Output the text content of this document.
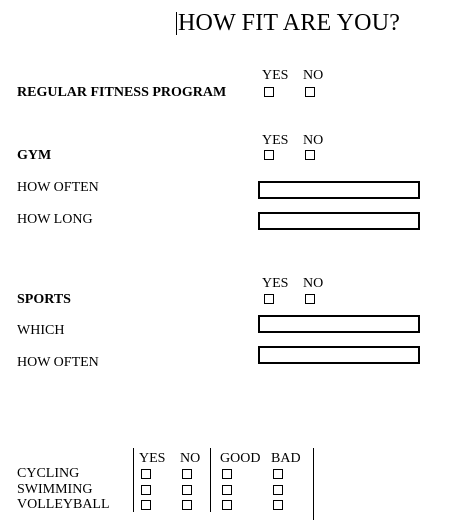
HOW FIT ARE YOU?
YES NO
REGULAR FITNESS PROGRAM
YES NO
GYM
HOW OFTEN
HOW LONG
YES NO
SPORTS
WHICH
HOW OFTEN
YES NO GOOD BAD
CYCLING
SWIMMING
VOLLEYBALL
